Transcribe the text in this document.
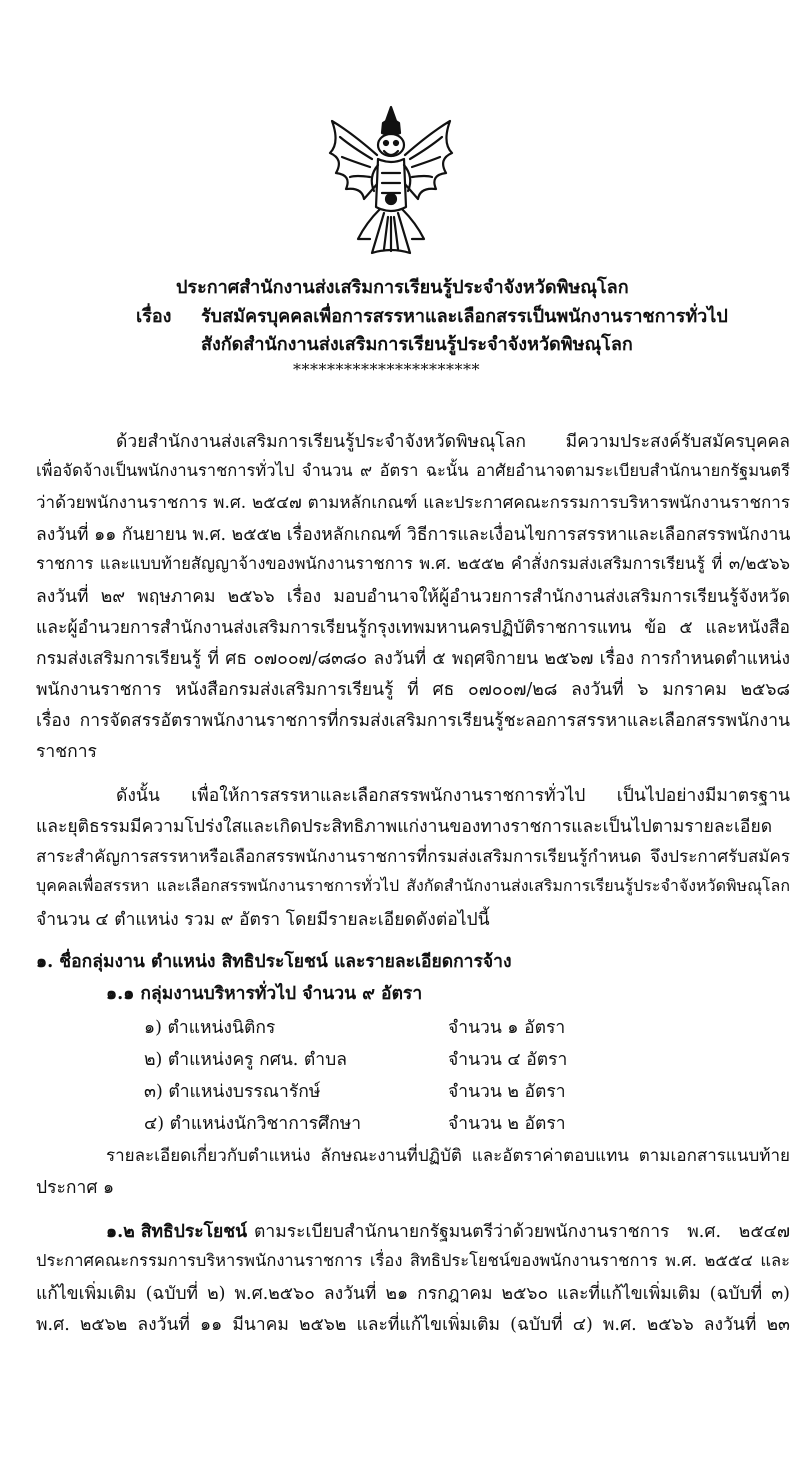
ประกาศสำนักงานส่งเสริมการเรียนรู้ประจำจังหวัดพิษณุโลก
เรื่อง รับสมัครบุคคลเพื่อการสรรหาและเลือกสรรเป็นพนักงานราชการทั่วไป
สังกัดสำนักงานส่งเสริมการเรียนรู้ประจำจังหวัดพิษณุโลก
**********************
ด้วยสำนักงานส่งเสริมการเรียนรู้ประจำจังหวัดพิษณุโลก มีความประสงค์รับสมัครบุคคล
เพื่อจัดจ้างเป็นพนักงานราชการทั่วไป จำนวน ๙ อัตรา ฉะนั้น อาศัยอำนาจตามระเบียบสำนักนายกรัฐมนตรี
ว่าด้วยพนักงานราชการ พ.ศ. ๒๕๔๗ ตามหลักเกณฑ์ และประกาศคณะกรรมการบริหารพนักงานราชการ
ลงวันที่ ๑๑ กันยายน พ.ศ. ๒๕๕๒ เรื่องหลักเกณฑ์ วิธีการและเงื่อนไขการสรรหาและเลือกสรรพนักงาน
ราชการ และแบบท้ายสัญญาจ้างของพนักงานราชการ พ.ศ. ๒๕๕๒ คำสั่งกรมส่งเสริมการเรียนรู้ ที่ ๓/๒๕๖๖
ลงวันที่ ๒๙ พฤษภาคม ๒๕๖๖ เรื่อง มอบอำนาจให้ผู้อำนวยการสำนักงานส่งเสริมการเรียนรู้จังหวัด
และผู้อำนวยการสำนักงานส่งเสริมการเรียนรู้กรุงเทพมหานครปฏิบัติราชการแทน ข้อ ๕ และหนังสือ
กรมส่งเสริมการเรียนรู้ ที่ ศธ ๐๗๐๐๗/๘๓๘๐ ลงวันที่ ๕ พฤศจิกายน ๒๕๖๗ เรื่อง การกำหนดตำแหน่ง
พนักงานราชการ หนังสือกรมส่งเสริมการเรียนรู้ ที่ ศธ ๐๗๐๐๗/๒๘ ลงวันที่ ๖ มกราคม ๒๕๖๘
เรื่อง การจัดสรรอัตราพนักงานราชการที่กรมส่งเสริมการเรียนรู้ชะลอการสรรหาและเลือกสรรพนักงาน
ราชการ
ดังนั้น เพื่อให้การสรรหาและเลือกสรรพนักงานราชการทั่วไป เป็นไปอย่างมีมาตรฐาน
และยุติธรรมมีความโปร่งใสและเกิดประสิทธิภาพแก่งานของทางราชการและเป็นไปตามรายละเอียด
สาระสำคัญการสรรหาหรือเลือกสรรพนักงานราชการที่กรมส่งเสริมการเรียนรู้กำหนด จึงประกาศรับสมัคร
บุคคลเพื่อสรรหา และเลือกสรรพนักงานราชการทั่วไป สังกัดสำนักงานส่งเสริมการเรียนรู้ประจำจังหวัดพิษณุโลก
จำนวน ๔ ตำแหน่ง รวม ๙ อัตรา โดยมีรายละเอียดดังต่อไปนี้
๑. ชื่อกลุ่มงาน ตำแหน่ง สิทธิประโยชน์ และรายละเอียดการจ้าง
๑.๑ กลุ่มงานบริหารทั่วไป จำนวน ๙ อัตรา
๑) ตำแหน่งนิติกร	จำนวน ๑ อัตรา
๒) ตำแหน่งครู กศน. ตำบล	จำนวน ๔ อัตรา
๓) ตำแหน่งบรรณารักษ์	จำนวน ๒ อัตรา
๔) ตำแหน่งนักวิชาการศึกษา	จำนวน ๒ อัตรา
รายละเอียดเกี่ยวกับตำแหน่ง ลักษณะงานที่ปฏิบัติ และอัตราค่าตอบแทน ตามเอกสารแนบท้าย
ประกาศ ๑
๑.๒ สิทธิประโยชน์ ตามระเบียบสำนักนายกรัฐมนตรีว่าด้วยพนักงานราชการ พ.ศ. ๒๕๔๗
ประกาศคณะกรรมการบริหารพนักงานราชการ เรื่อง สิทธิประโยชน์ของพนักงานราชการ พ.ศ. ๒๕๕๔ และ
แก้ไขเพิ่มเติม (ฉบับที่ ๒) พ.ศ.๒๕๖๐ ลงวันที่ ๒๑ กรกฎาคม ๒๕๖๐ และที่แก้ไขเพิ่มเติม (ฉบับที่ ๓)
พ.ศ. ๒๕๖๒ ลงวันที่ ๑๑ มีนาคม ๒๕๖๒ และที่แก้ไขเพิ่มเติม (ฉบับที่ ๔) พ.ศ. ๒๕๖๖ ลงวันที่ ๒๓
